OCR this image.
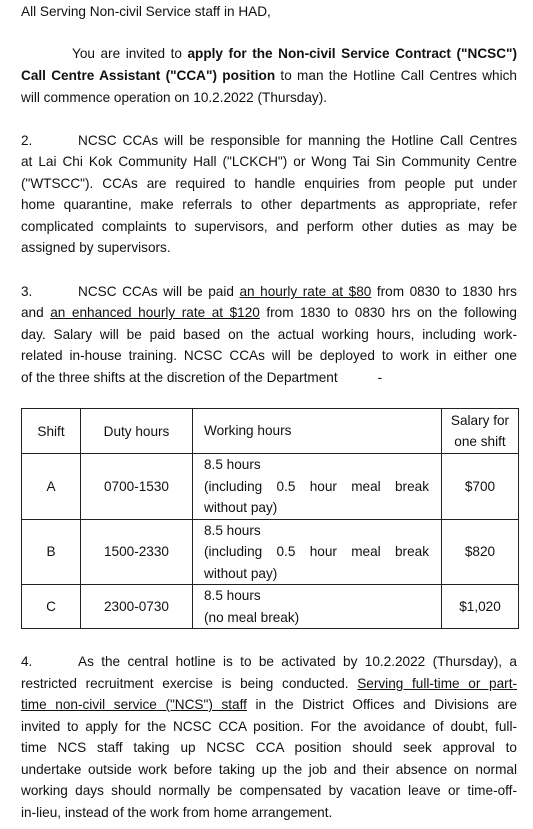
All Serving Non-civil Service staff in HAD,
You are invited to apply for the Non-civil Service Contract ("NCSC")
Call Centre Assistant ("CCA") position to man the Hotline Call Centres which
will commence operation on 10.2.2022 (Thursday).
2.	NCSC CCAs will be responsible for manning the Hotline Call Centres
at Lai Chi Kok Community Hall ("LCKCH") or Wong Tai Sin Community Centre
("WTSCC"). CCAs are required to handle enquiries from people put under
home quarantine, make referrals to other departments as appropriate, refer
complicated complaints to supervisors, and perform other duties as may be
assigned by supervisors.
3.	NCSC CCAs will be paid an hourly rate at $80 from 0830 to 1830 hrs
and an enhanced hourly rate at $120 from 1830 to 0830 hrs on the following
day. Salary will be paid based on the actual working hours, including work-
related in-house training. NCSC CCAs will be deployed to work in either one
of the three shifts at the discretion of the Department	-
Shift	Duty hours	Working hours	Salary for
one shift

A	0700-1530	8.5 hours
(including 0.5 hour meal break
without pay)	$700
B	1500-2330	8.5 hours
(including 0.5 hour meal break
without pay)	$820
C	2300-0730	8.5 hours
(no meal break)	$1,020
4.	As the central hotline is to be activated by 10.2.2022 (Thursday), a
restricted recruitment exercise is being conducted. Serving full-time or part-
time non-civil service ("NCS") staff in the District Offices and Divisions are
invited to apply for the NCSC CCA position. For the avoidance of doubt, full-
time NCS staff taking up NCSC CCA position should seek approval to
undertake outside work before taking up the job and their absence on normal
working days should normally be compensated by vacation leave or time-off-
in-lieu, instead of the work from home arrangement.
